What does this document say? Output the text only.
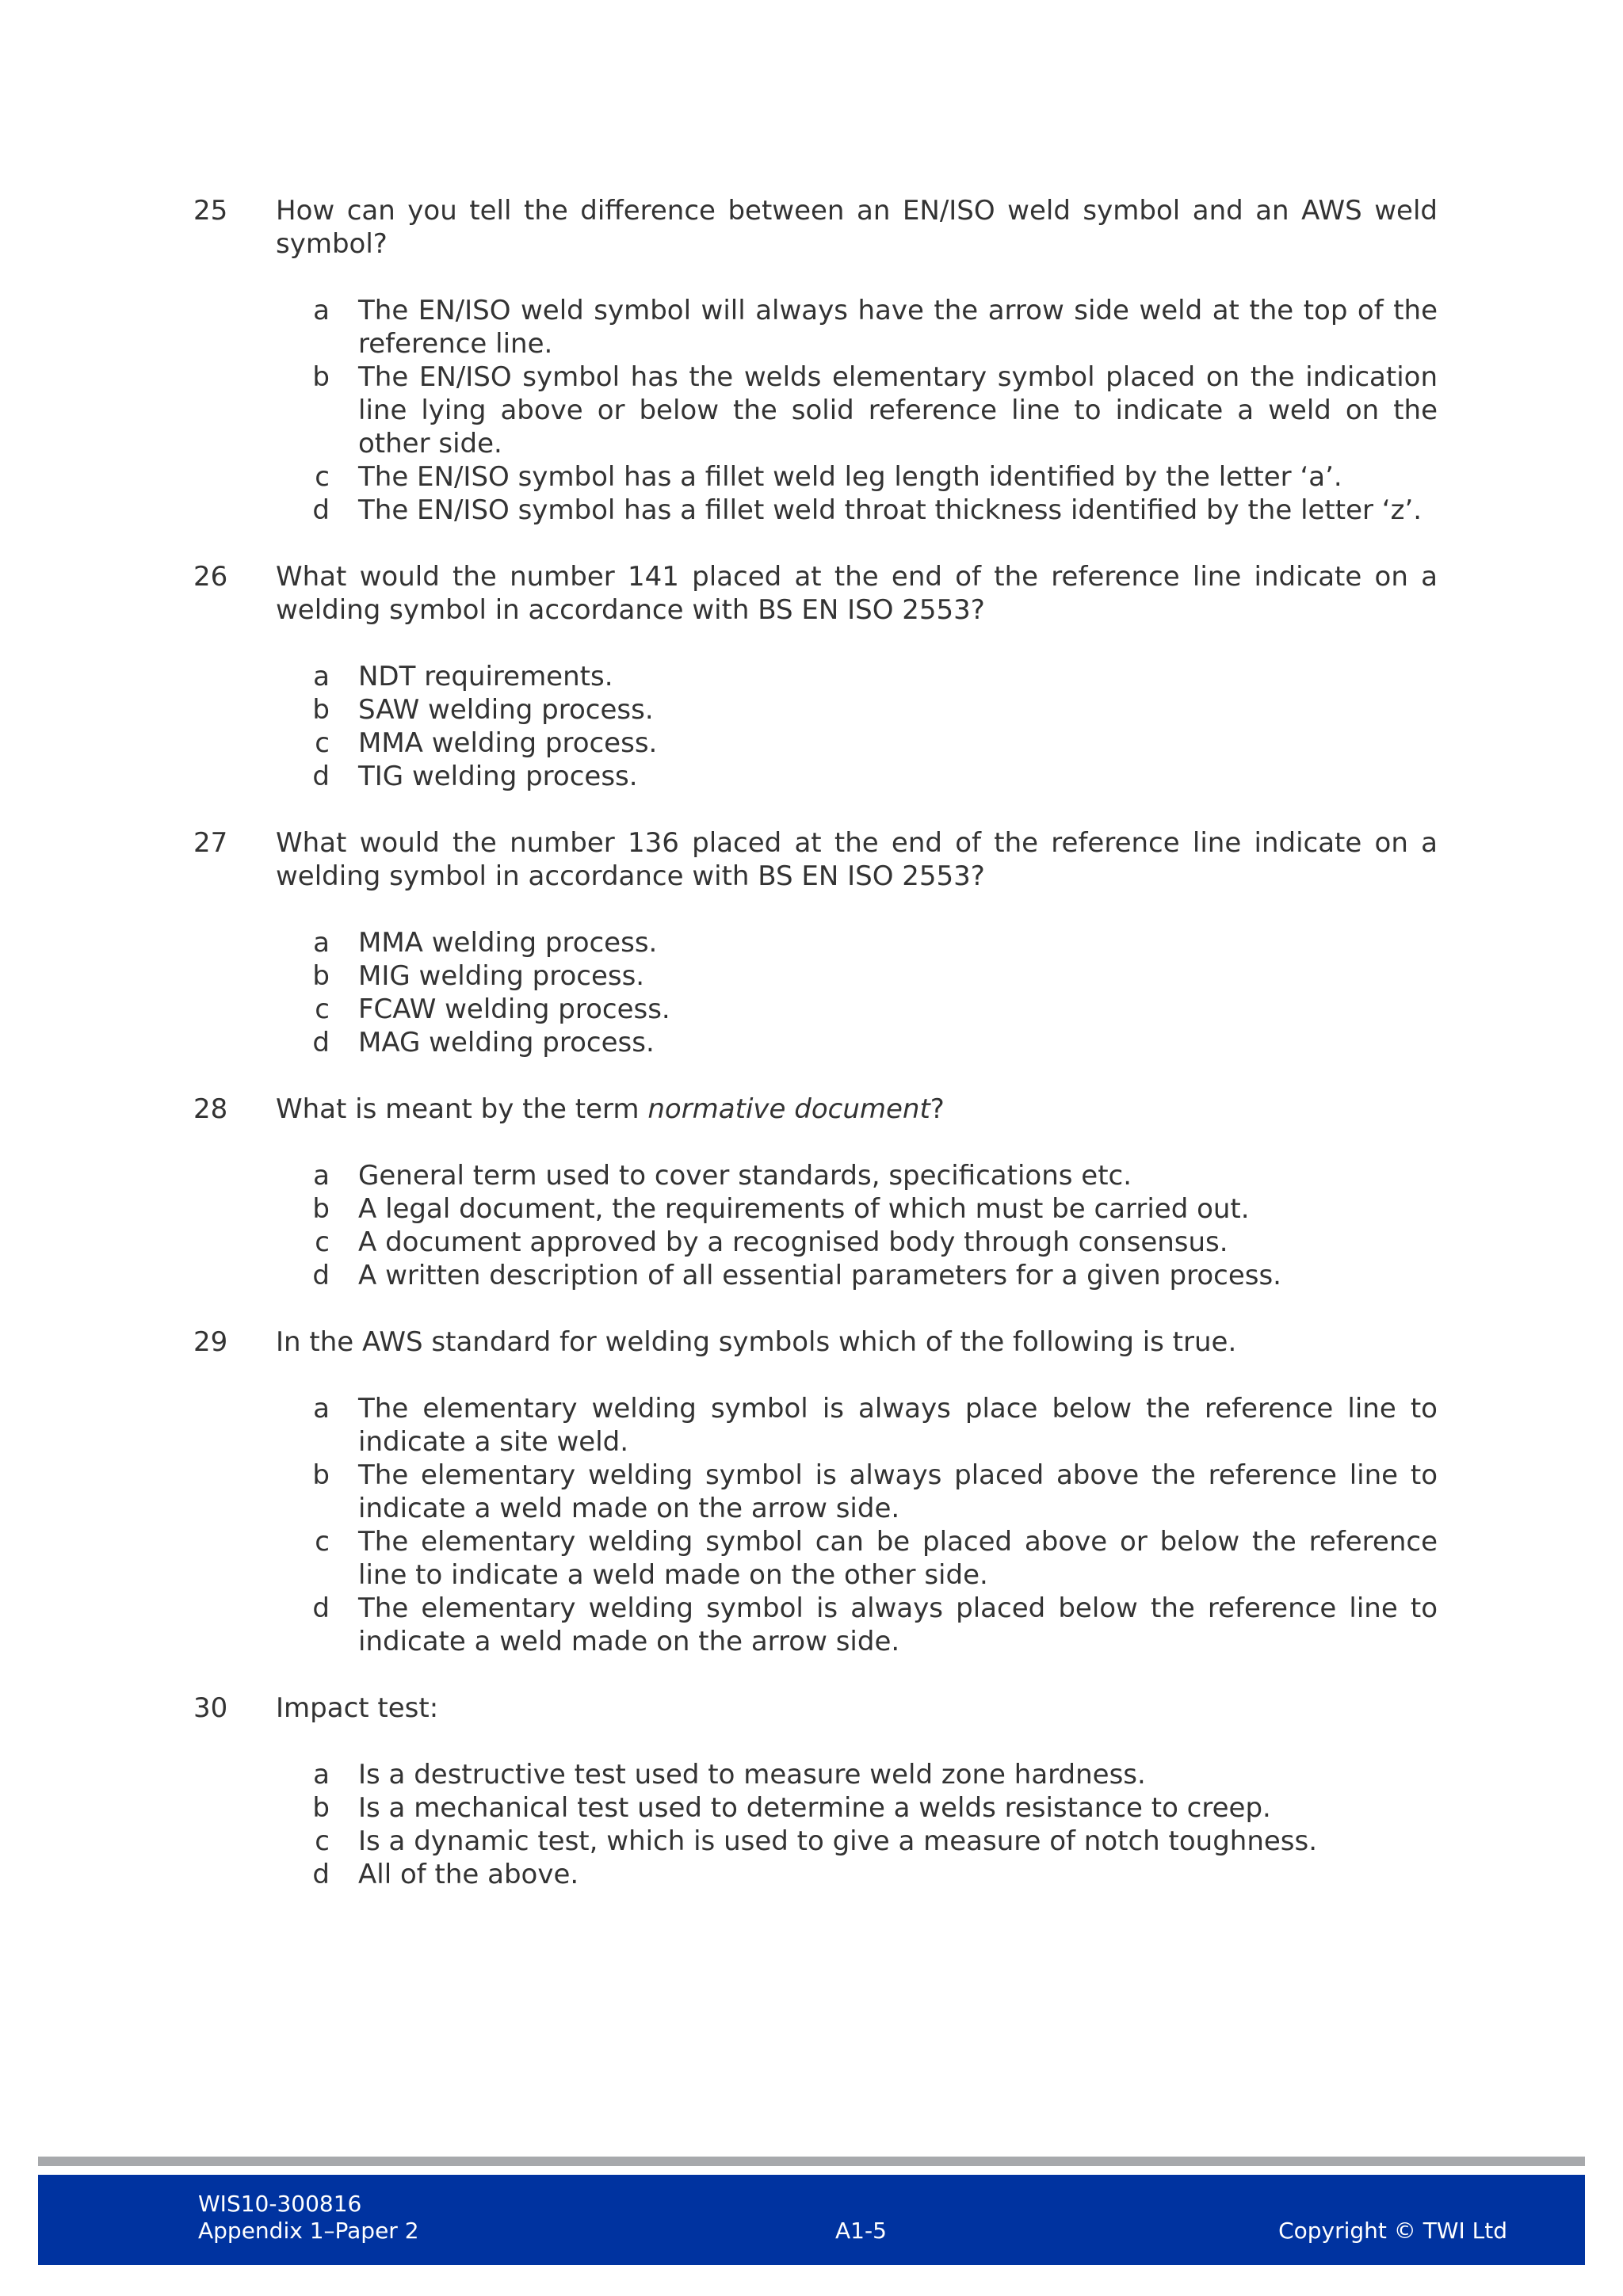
25	How can you tell the difference between an EN/ISO weld symbol and an AWS weld symbol?
a	The EN/ISO weld symbol will always have the arrow side weld at the top of the reference line.
b	The EN/ISO symbol has the welds elementary symbol placed on the indication line lying above or below the solid reference line to indicate a weld on the other side.
c	The EN/ISO symbol has a fillet weld leg length identified by the letter ‘a’.
d	The EN/ISO symbol has a fillet weld throat thickness identified by the letter ‘z’.
26	What would the number 141 placed at the end of the reference line indicate on a welding symbol in accordance with BS EN ISO 2553?
a	NDT requirements.
b	SAW welding process.
c	MMA welding process.
d	TIG welding process.
27	What would the number 136 placed at the end of the reference line indicate on a welding symbol in accordance with BS EN ISO 2553?
a	MMA welding process.
b	MIG welding process.
c	FCAW welding process.
d	MAG welding process.
28	What is meant by the term normative document?
a	General term used to cover standards, specifications etc.
b	A legal document, the requirements of which must be carried out.
c	A document approved by a recognised body through consensus.
d	A written description of all essential parameters for a given process.
29	In the AWS standard for welding symbols which of the following is true.
a	The elementary welding symbol is always place below the reference line to indicate a site weld.
b	The elementary welding symbol is always placed above the reference line to indicate a weld made on the arrow side.
c	The elementary welding symbol can be placed above or below the reference line to indicate a weld made on the other side.
d	The elementary welding symbol is always placed below the reference line to indicate a weld made on the arrow side.
30	Impact test:
a	Is a destructive test used to measure weld zone hardness.
b	Is a mechanical test used to determine a welds resistance to creep.
c	Is a dynamic test, which is used to give a measure of notch toughness.
d	All of the above.
WIS10-300816
Appendix 1–Paper 2	A1-5	Copyright © TWI Ltd
